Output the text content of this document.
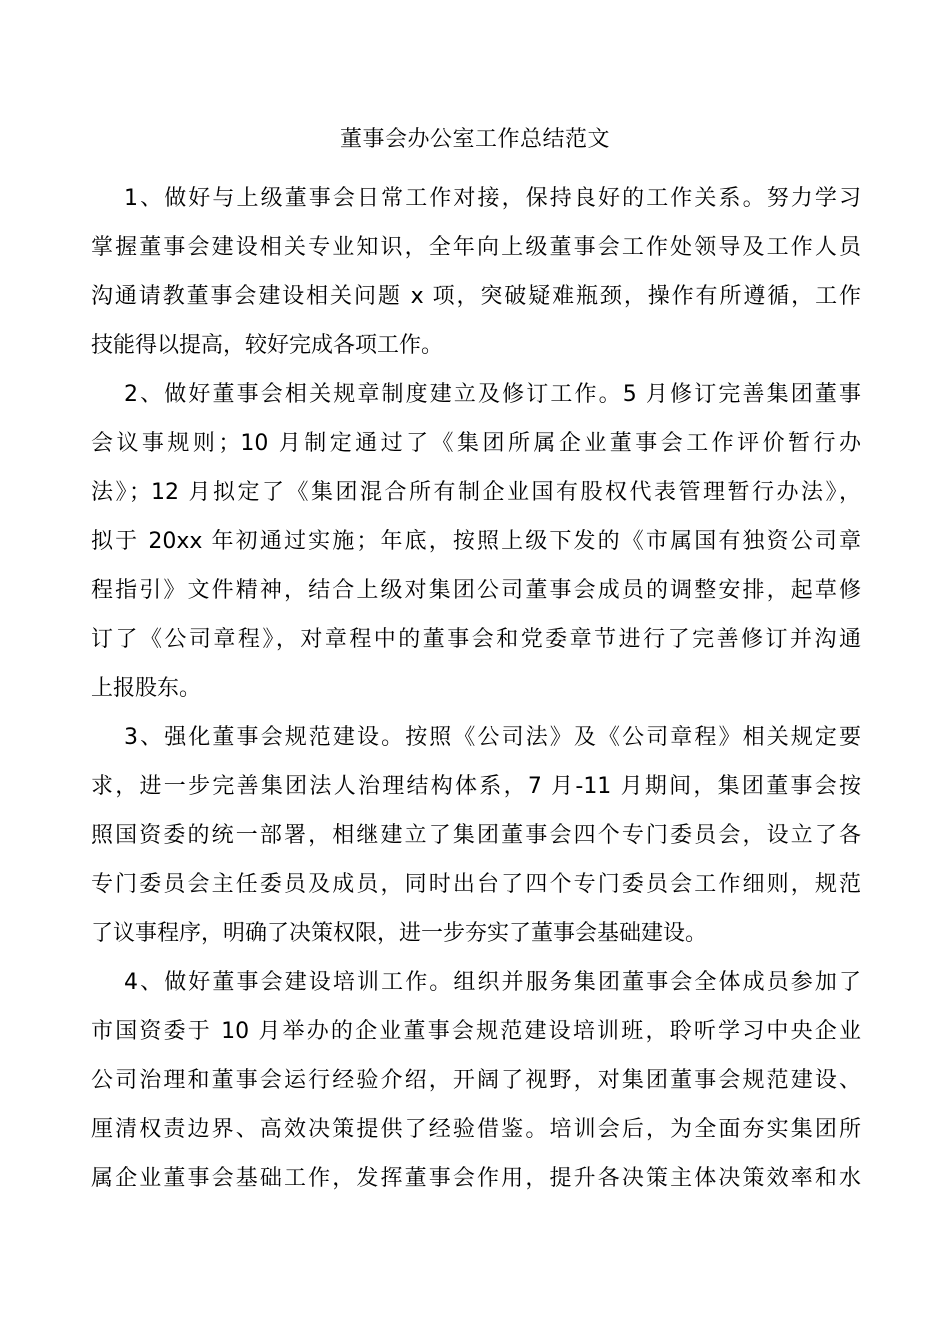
董事会办公室工作总结范文
1、做好与上级董事会日常工作对接，保持良好的工作关系。努力学习
掌握董事会建设相关专业知识，全年向上级董事会工作处领导及工作人员
沟通请教董事会建设相关问题 x 项，突破疑难瓶颈，操作有所遵循，工作
技能得以提高，较好完成各项工作。
2、做好董事会相关规章制度建立及修订工作。5 月修订完善集团董事
会议事规则；10 月制定通过了《集团所属企业董事会工作评价暂行办
法》；12 月拟定了《集团混合所有制企业国有股权代表管理暂行办法》，
拟于 20xx 年初通过实施；年底，按照上级下发的《市属国有独资公司章
程指引》文件精神，结合上级对集团公司董事会成员的调整安排，起草修
订了《公司章程》，对章程中的董事会和党委章节进行了完善修订并沟通
上报股东。
3、强化董事会规范建设。按照《公司法》及《公司章程》相关规定要
求，进一步完善集团法人治理结构体系，7 月-11 月期间，集团董事会按
照国资委的统一部署，相继建立了集团董事会四个专门委员会，设立了各
专门委员会主任委员及成员，同时出台了四个专门委员会工作细则，规范
了议事程序，明确了决策权限，进一步夯实了董事会基础建设。
4、做好董事会建设培训工作。组织并服务集团董事会全体成员参加了
市国资委于 10 月举办的企业董事会规范建设培训班，聆听学习中央企业
公司治理和董事会运行经验介绍，开阔了视野，对集团董事会规范建设、
厘清权责边界、高效决策提供了经验借鉴。培训会后，为全面夯实集团所
属企业董事会基础工作，发挥董事会作用，提升各决策主体决策效率和水
